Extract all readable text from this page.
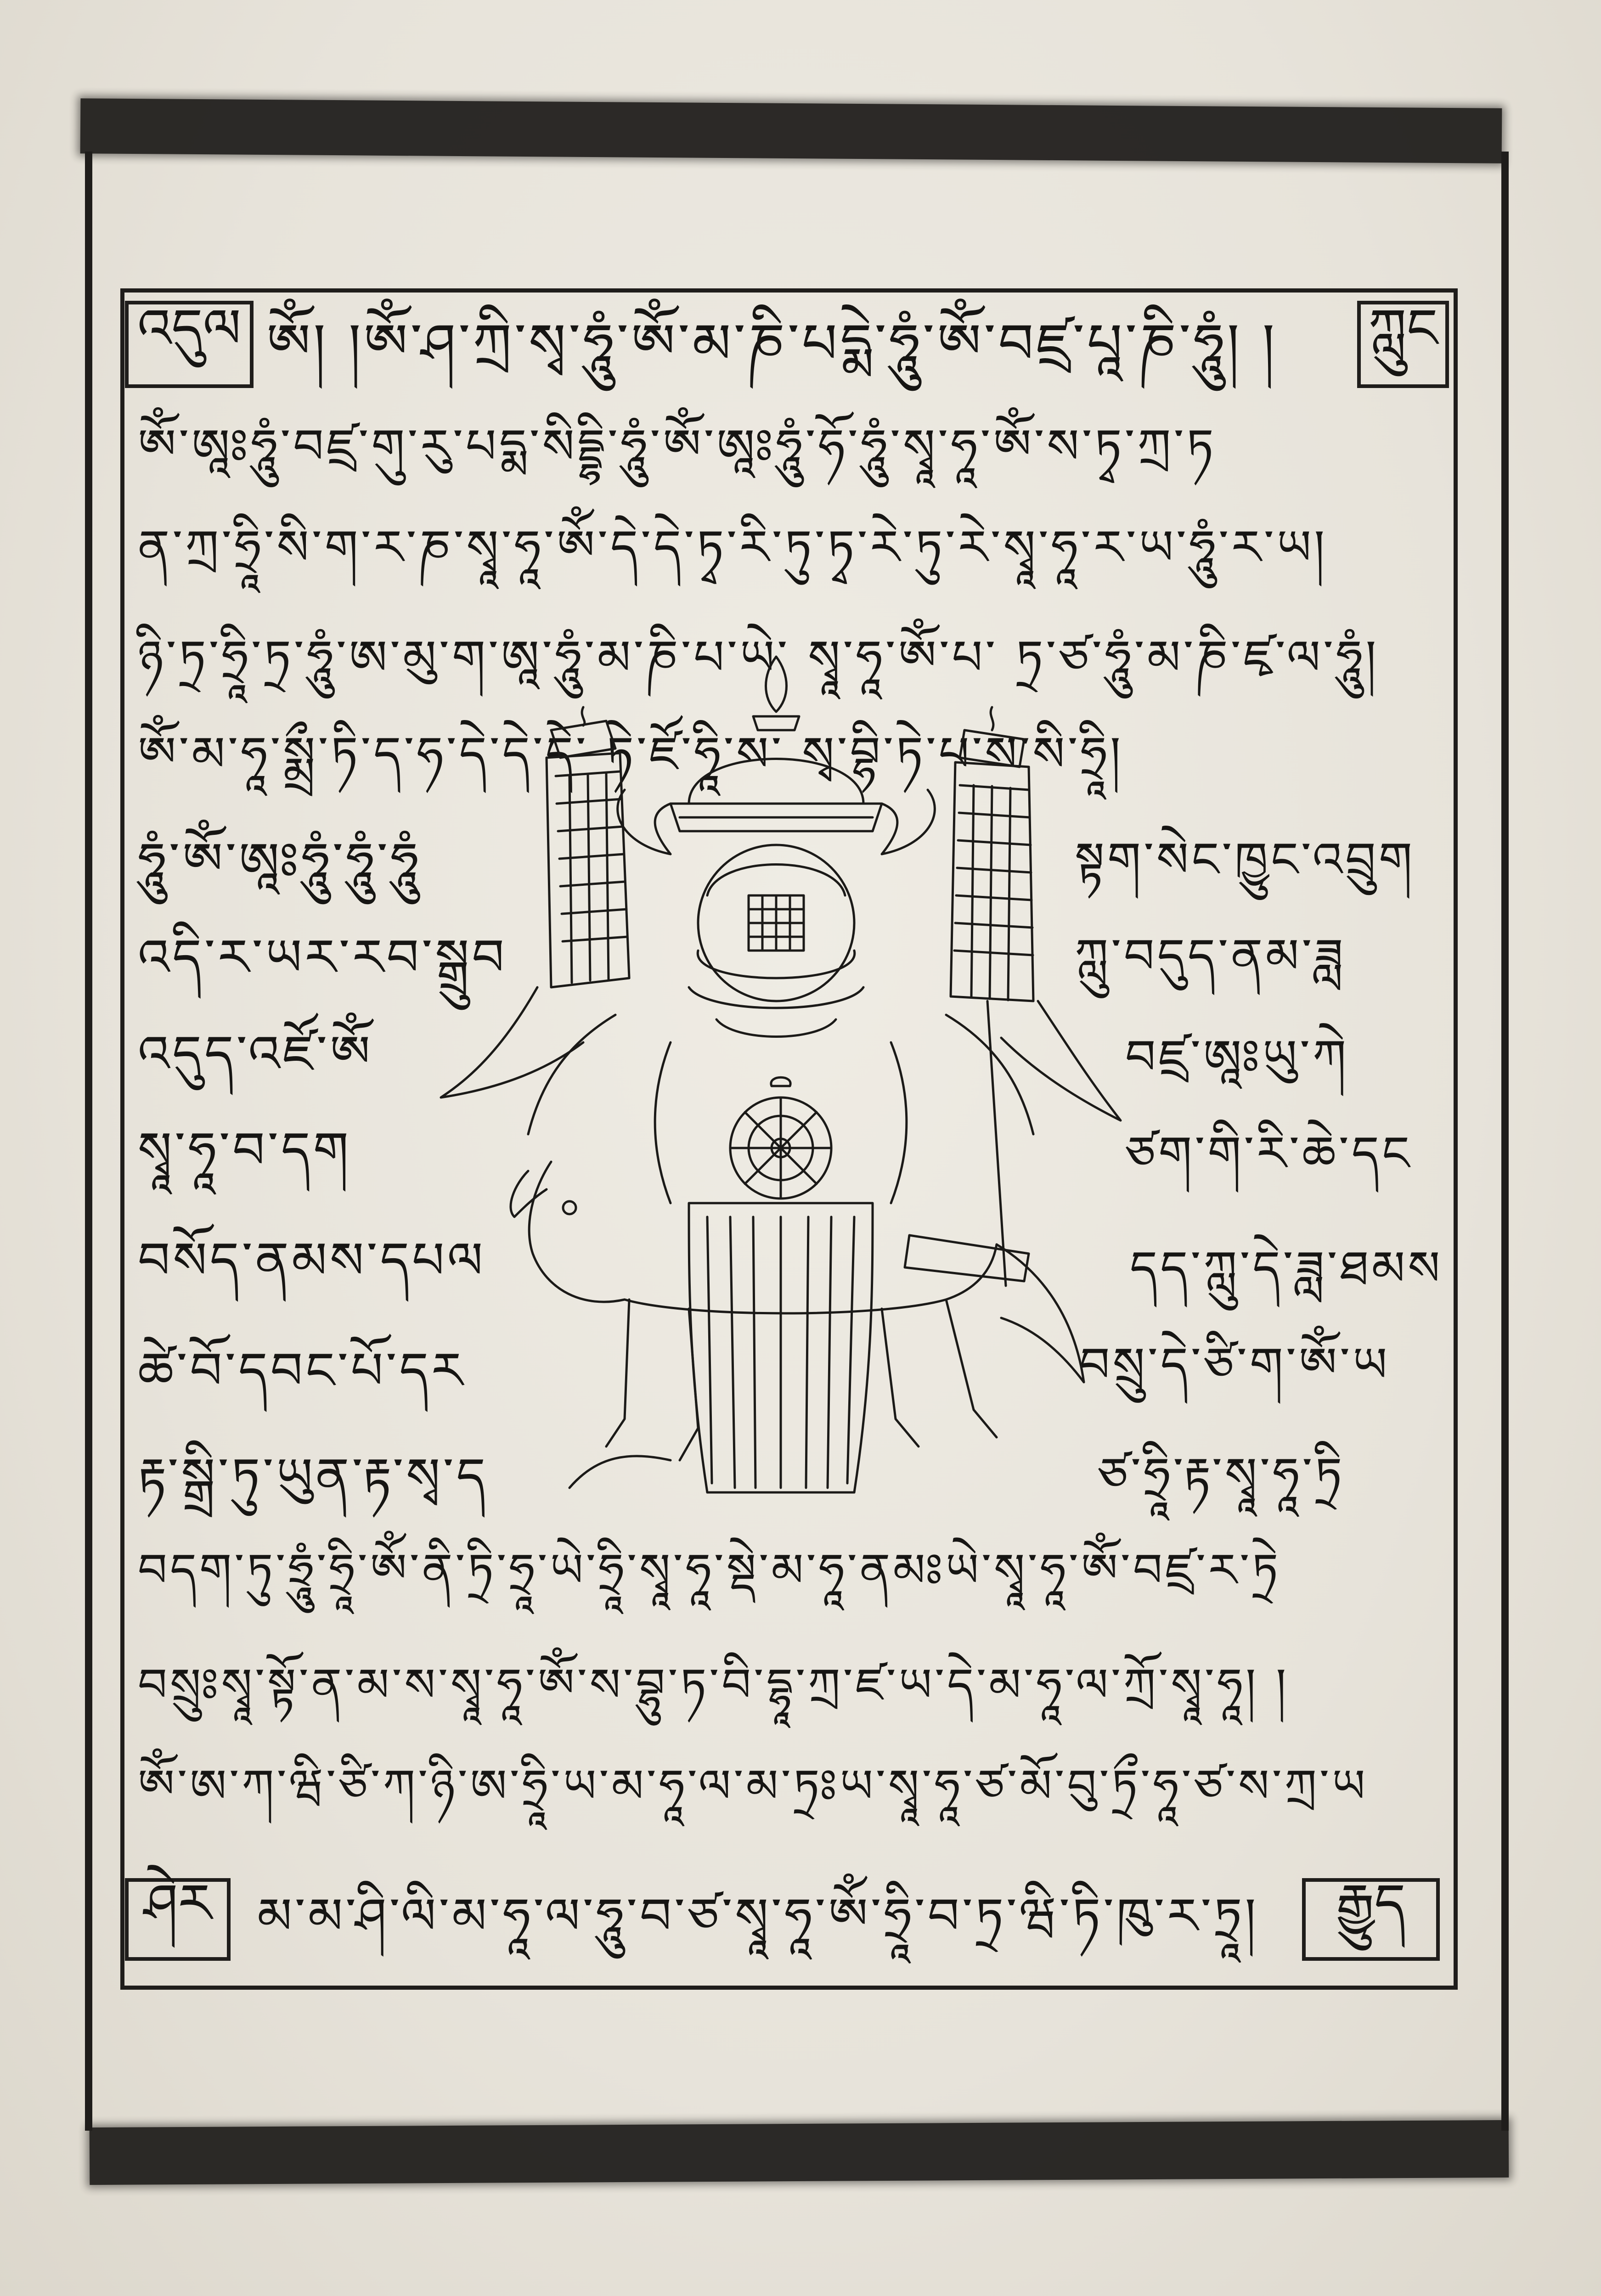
འདུལ	ཀླུང
ཤེར	རྒྱུད
ༀ། །ཨོཾ་ཤ་ཀྲི་སྭ་ཧཱུཾ་ཨོཾ་མ་ཎི་པདྨེ་ཧཱུཾ་ཨོཾ་བཛྲ་པཱ་ཎི་ཧཱུཾ། །
ཨོཾ་ཨཱཿཧཱུཾ་བཛྲ་གུ་རུ་པདྨ་སིདྡྷི་ཧཱུཾ་ཨོཾ་ཨཱཿཧཱུཾ་ཧོ་ཧཱུཾ་སྭཱ་ཧཱ་ཨོཾ་ས་ཏྭ་ཀྲ་ཏ
ན་ཀྲ་ཧྲཱི་སི་ག་ར་ཎ་སྭཱ་ཧཱ་ཨོཾ་དེ་དེ་ཏྭ་རི་ཏུ་ཏྭ་རེ་ཏུ་རེ་སྭཱ་ཧཱ་ར་ཡ་ཧཱུཾ་ར་ཡ།
ཉི་ཏྲ་ཧྲཱི་ཏྲ་ཧཱུཾ་ཨ་མུ་ག་ཨཱ་ཧཱུཾ་མ་ཎི་པ་ཡེ་ སྭཱ་ཧཱ་ཨོཾ་པ་ ཏྲ་ཙ་ཧཱུཾ་མ་ཎི་ཛྭ་ལ་ཧཱུཾ།
ཨོཾ་མ་ཧཱ་སྨྲྀ་ཏི་ད་ཧ་དེ་དེ་དེ་ ཏེ་ཛོ་ཧཱི་ས་ སྭ་བྷི་ཏེ་པ་ས་སི་ཧྲཱི།
ཧཱུཾ་ཨོཾ་ཨཱཿཧཱུཾ་ཧཱུཾ་ཧཱུཾ
འདི་ར་ཡར་རབ་སྒྲུབ
འདུད་འཛོ་ཨོཾ
སྭཱ་ཧཱ་བ་དག
བསོད་ནམས་དཔལ
ཚེ་བོ་དབང་པོ་དར
རྟ་སྒྲི་ཏུ་ཡུན་རྟ་སྭ་ད
སྟག་སེང་ཁྱུང་འབྲུག
ཀླུ་བདུད་ནམ་ཟླ
བཛྲ་ཨཱཿཡུ་ཀེ
ཙག་གི་རི་ཆེ་དང
དད་ཀླུ་དེ་ཟླ་ཐམས
བསྲུ་དེ་ཙི་ག་ཨོཾ་ཡ
ཙ་ཧྲཱི་རྟ་སྭཱ་ཧཱ་ཏྲི
བདག་ཏུ་ཧྲཱུཾ་ཧྲཱི་ཨོཾ་ནི་ཏྲི་ཧྲཱ་ཡེ་ཧྲཱི་སྭཱ་ཧཱ་སྡེ་མ་ཧཱ་ནམཿཡེ་སྭཱ་ཧཱ་ཨོཾ་བཛྲ་ར་ཏྲེ
བསྲུཿསྭཱ་སྟོ་ན་མ་ས་སྭཱ་ཧཱ་ཨོཾ་ས་བྷུ་ཏ་བི་དྷཱ་ཀྲ་ཛ་ཡ་དེ་མ་ཧཱ་ལ་ཀྲོ་སྭཱ་ཧཱ། །
ཨོཾ་ཨ་ཀ་ཝི་ཙི་ཀ་ཉི་ཨ་ཧྲཱི་ཡ་མ་ཧཱ་ལ་མ་ཏྲཿཡ་སྭཱ་ཧཱ་ཙ་མོ་བུ་ཏྲྀ་ཧཱ་ཙ་ས་ཀྲ་ཡ
མ་མ་ཤི་ལི་མ་ཧཱ་ལ་ཧཱུ་བ་ཙ་སྭཱ་ཧཱ་ཨོཾ་ཧྲཱི་བ་ཏྲ་ཝི་ཏི་ཁུ་ར་ཏྲཱ།
